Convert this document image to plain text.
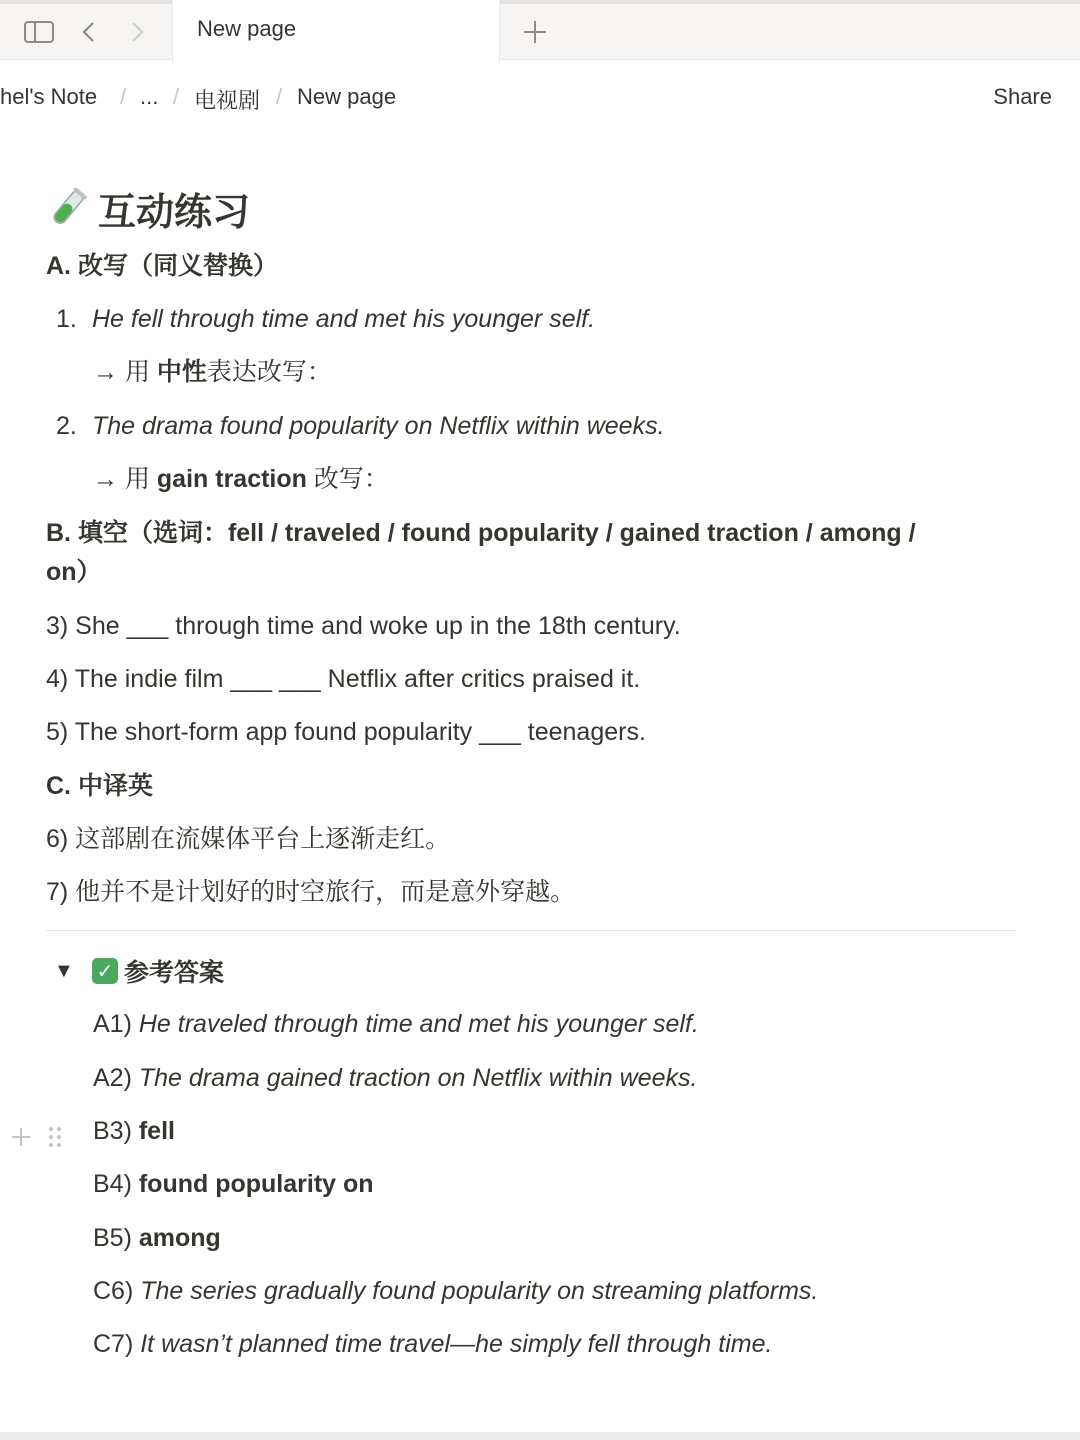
New page
hel's Note / ... / 电视剧 / New page	Share
互动练习
A. 改写（同义替换）
1. He fell through time and met his younger self.
→ 用 中性表达改写：
2. The drama found popularity on Netflix within weeks.
→ 用 gain traction 改写：
B. 填空（选词：fell / traveled / found popularity / gained traction / among /
on）
3) She ___ through time and woke up in the 18th century.
4) The indie film ___ ___ Netflix after critics praised it.
5) The short-form app found popularity ___ teenagers.
C. 中译英
6) 这部剧在流媒体平台上逐渐走红。
7) 他并不是计划好的时空旅行，而是意外穿越。
▼	✓ 参考答案
A1) He traveled through time and met his younger self.
A2) The drama gained traction on Netflix within weeks.
B3) fell
B4) found popularity on
B5) among
C6) The series gradually found popularity on streaming platforms.
C7) It wasn’t planned time travel—he simply fell through time.
